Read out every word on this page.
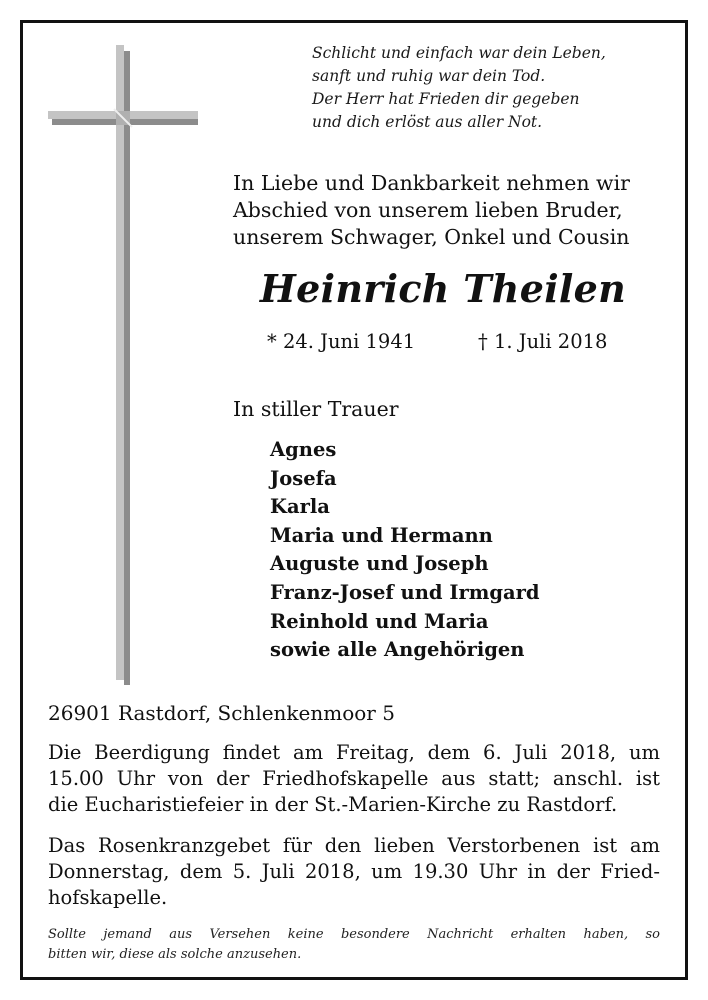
Schlicht und einfach war dein Leben,
sanft und ruhig war dein Tod.
Der Herr hat Frieden dir gegeben
und dich erlöst aus aller Not.
In Liebe und Dankbarkeit nehmen wir
Abschied von unserem lieben Bruder,
unserem Schwager, Onkel und Cousin
Heinrich Theilen
* 24. Juni 1941	† 1. Juli 2018
In stiller Trauer
Agnes
Josefa
Karla
Maria und Hermann
Auguste und Joseph
Franz-Josef und Irmgard
Reinhold und Maria
sowie alle Angehörigen
26901 Rastdorf, Schlenkenmoor 5
Die Beerdigung findet am Freitag, dem 6. Juli 2018, um
15.00 Uhr von der Friedhofskapelle aus statt; anschl. ist
die Eucharistiefeier in der St.-Marien-Kirche zu Rastdorf.
Das Rosenkranzgebet für den lieben Verstorbenen ist am
Donnerstag, dem 5. Juli 2018, um 19.30 Uhr in der Fried-
hofskapelle.
Sollte jemand aus Versehen keine besondere Nachricht erhalten haben, so
bitten wir, diese als solche anzusehen.
